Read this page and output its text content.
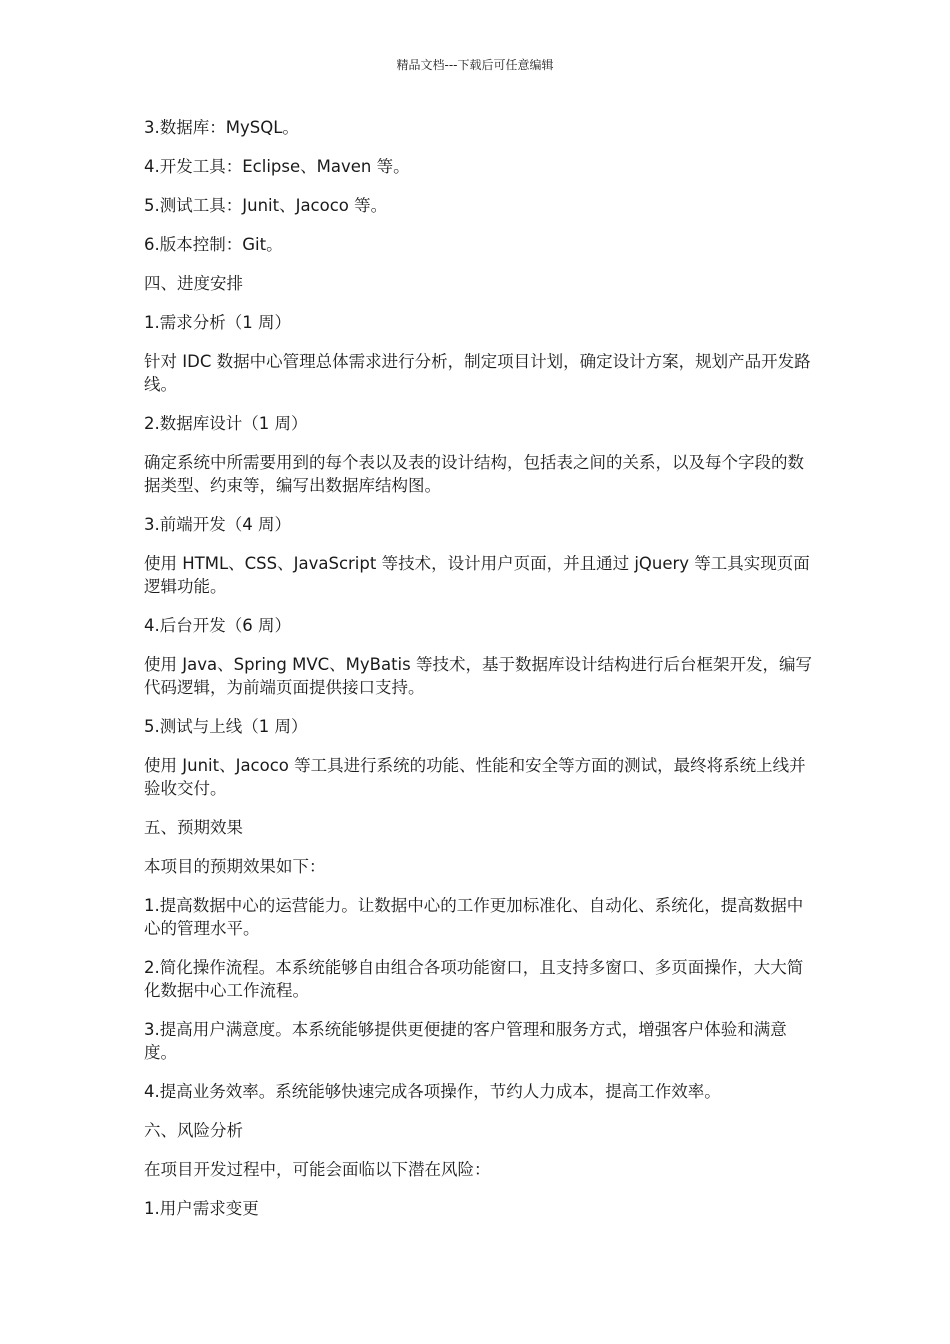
精品文档---下载后可任意编辑

3.数据库：MySQL。

4.开发工具：Eclipse、Maven 等。

5.测试工具：Junit、Jacoco 等。

6.版本控制：Git。

四、进度安排

1.需求分析（1 周）

针对 IDC 数据中心管理总体需求进行分析，制定项目计划，确定设计方案，规划产品开发路线。

2.数据库设计（1 周）

确定系统中所需要用到的每个表以及表的设计结构，包括表之间的关系，以及每个字段的数据类型、约束等，编写出数据库结构图。

3.前端开发（4 周）

使用 HTML、CSS、JavaScript 等技术，设计用户页面，并且通过 jQuery 等工具实现页面逻辑功能。

4.后台开发（6 周）

使用 Java、Spring MVC、MyBatis 等技术，基于数据库设计结构进行后台框架开发，编写代码逻辑，为前端页面提供接口支持。

5.测试与上线（1 周）

使用 Junit、Jacoco 等工具进行系统的功能、性能和安全等方面的测试，最终将系统上线并验收交付。

五、预期效果

本项目的预期效果如下：

1.提高数据中心的运营能力。让数据中心的工作更加标准化、自动化、系统化，提高数据中心的管理水平。

2.简化操作流程。本系统能够自由组合各项功能窗口，且支持多窗口、多页面操作，大大简化数据中心工作流程。

3.提高用户满意度。本系统能够提供更便捷的客户管理和服务方式，增强客户体验和满意度。

4.提高业务效率。系统能够快速完成各项操作，节约人力成本，提高工作效率。

六、风险分析

在项目开发过程中，可能会面临以下潜在风险：

1.用户需求变更
